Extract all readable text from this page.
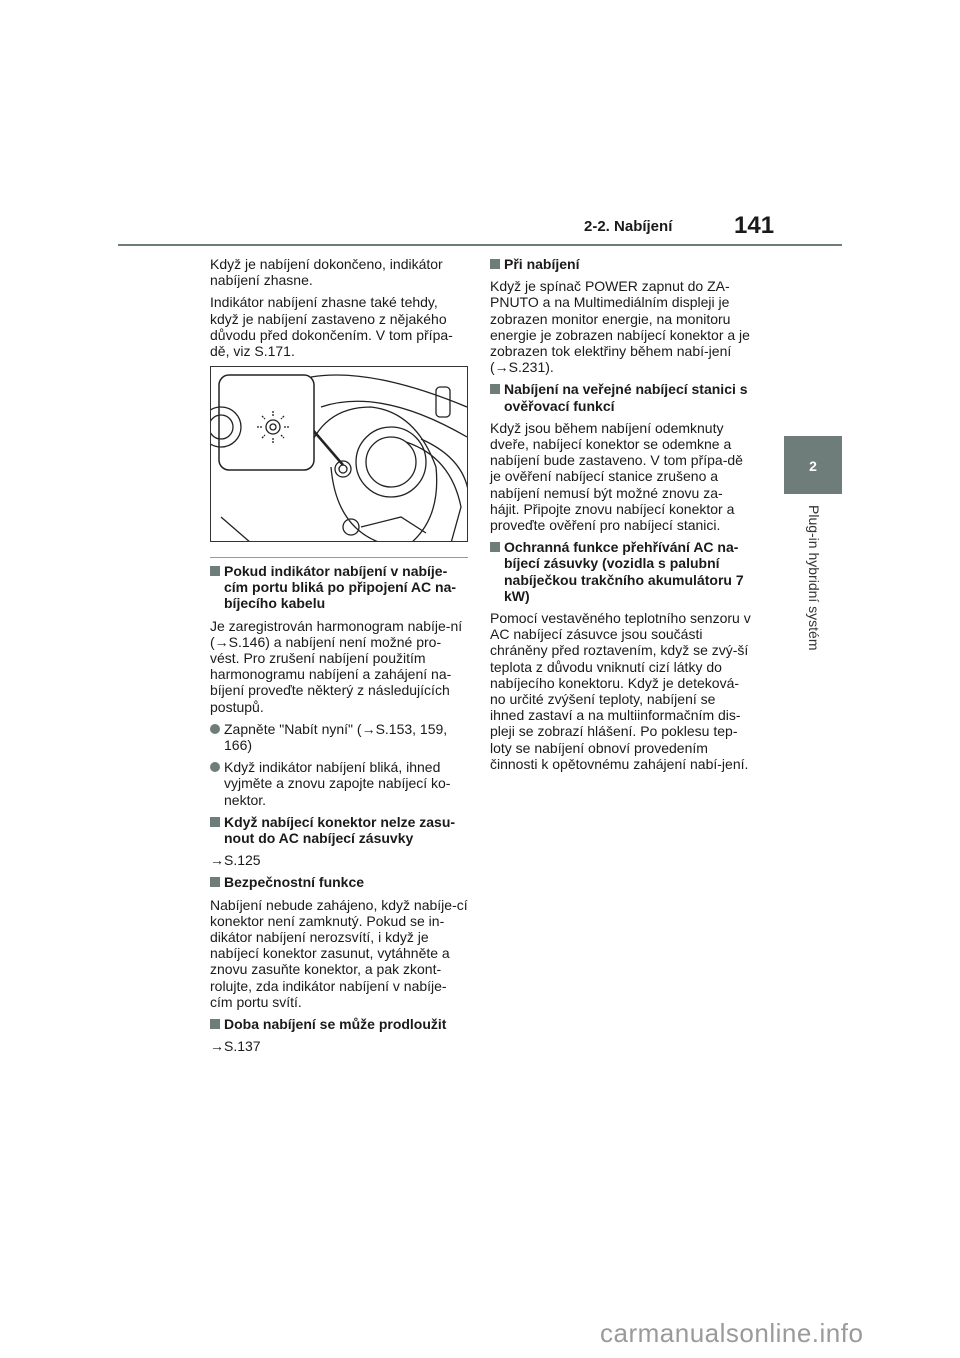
2-2. Nabíjení	141
2
Plug-in hybridní systém

Když je nabíjení dokončeno, indikátor nabíjení zhasne.

Indikátor nabíjení zhasne také tehdy, když je nabíjení zastaveno z nějakého důvodu před dokončením. V tom přípa-dě, viz S.171.

Pokud indikátor nabíjení v nabíje-cím portu bliká po připojení AC na-bíjecího kabelu

Je zaregistrován harmonogram nabíje-ní (→S.146) a nabíjení není možné pro-vést. Pro zrušení nabíjení použitím harmonogramu nabíjení a zahájení na-bíjení proveďte některý z následujících postupů.

Zapněte "Nabít nyní" (→S.153, 159, 166)

Když indikátor nabíjení bliká, ihned vyjměte a znovu zapojte nabíjecí ko-nektor.

Když nabíjecí konektor nelze zasu-nout do AC nabíjecí zásuvky

→S.125

Bezpečnostní funkce

Nabíjení nebude zahájeno, když nabíje-cí konektor není zamknutý. Pokud se in-dikátor nabíjení nerozsvítí, i když je nabíjecí konektor zasunut, vytáhněte a znovu zasuňte konektor, a pak zkont-rolujte, zda indikátor nabíjení v nabíje-cím portu svítí.

Doba nabíjení se může prodloužit

→S.137

Při nabíjení

Když je spínač POWER zapnut do ZA-PNUTO a na Multimediálním displeji je zobrazen monitor energie, na monitoru energie je zobrazen nabíjecí konektor a je zobrazen tok elektřiny během nabí-jení (→S.231).

Nabíjení na veřejné nabíjecí stanici s ověřovací funkcí

Když jsou během nabíjení odemknuty dveře, nabíjecí konektor se odemkne a nabíjení bude zastaveno. V tom přípa-dě je ověření nabíjecí stanice zrušeno a nabíjení nemusí být možné znovu za-hájit. Připojte znovu nabíjecí konektor a proveďte ověření pro nabíjecí stanici.

Ochranná funkce přehřívání AC na-bíjecí zásuvky (vozidla s palubní nabíječkou trakčního akumulátoru 7 kW)

Pomocí vestavěného teplotního senzoru v AC nabíjecí zásuvce jsou součásti chráněny před roztavením, když se zvý-ší teplota z důvodu vniknutí cizí látky do nabíjecího konektoru. Když je deteková-no určité zvýšení teploty, nabíjení se ihned zastaví a na multiinformačním dis-pleji se zobrazí hlášení. Po poklesu tep-loty se nabíjení obnoví provedením činnosti k opětovnému zahájení nabí-jení.

carmanualsonline.info
